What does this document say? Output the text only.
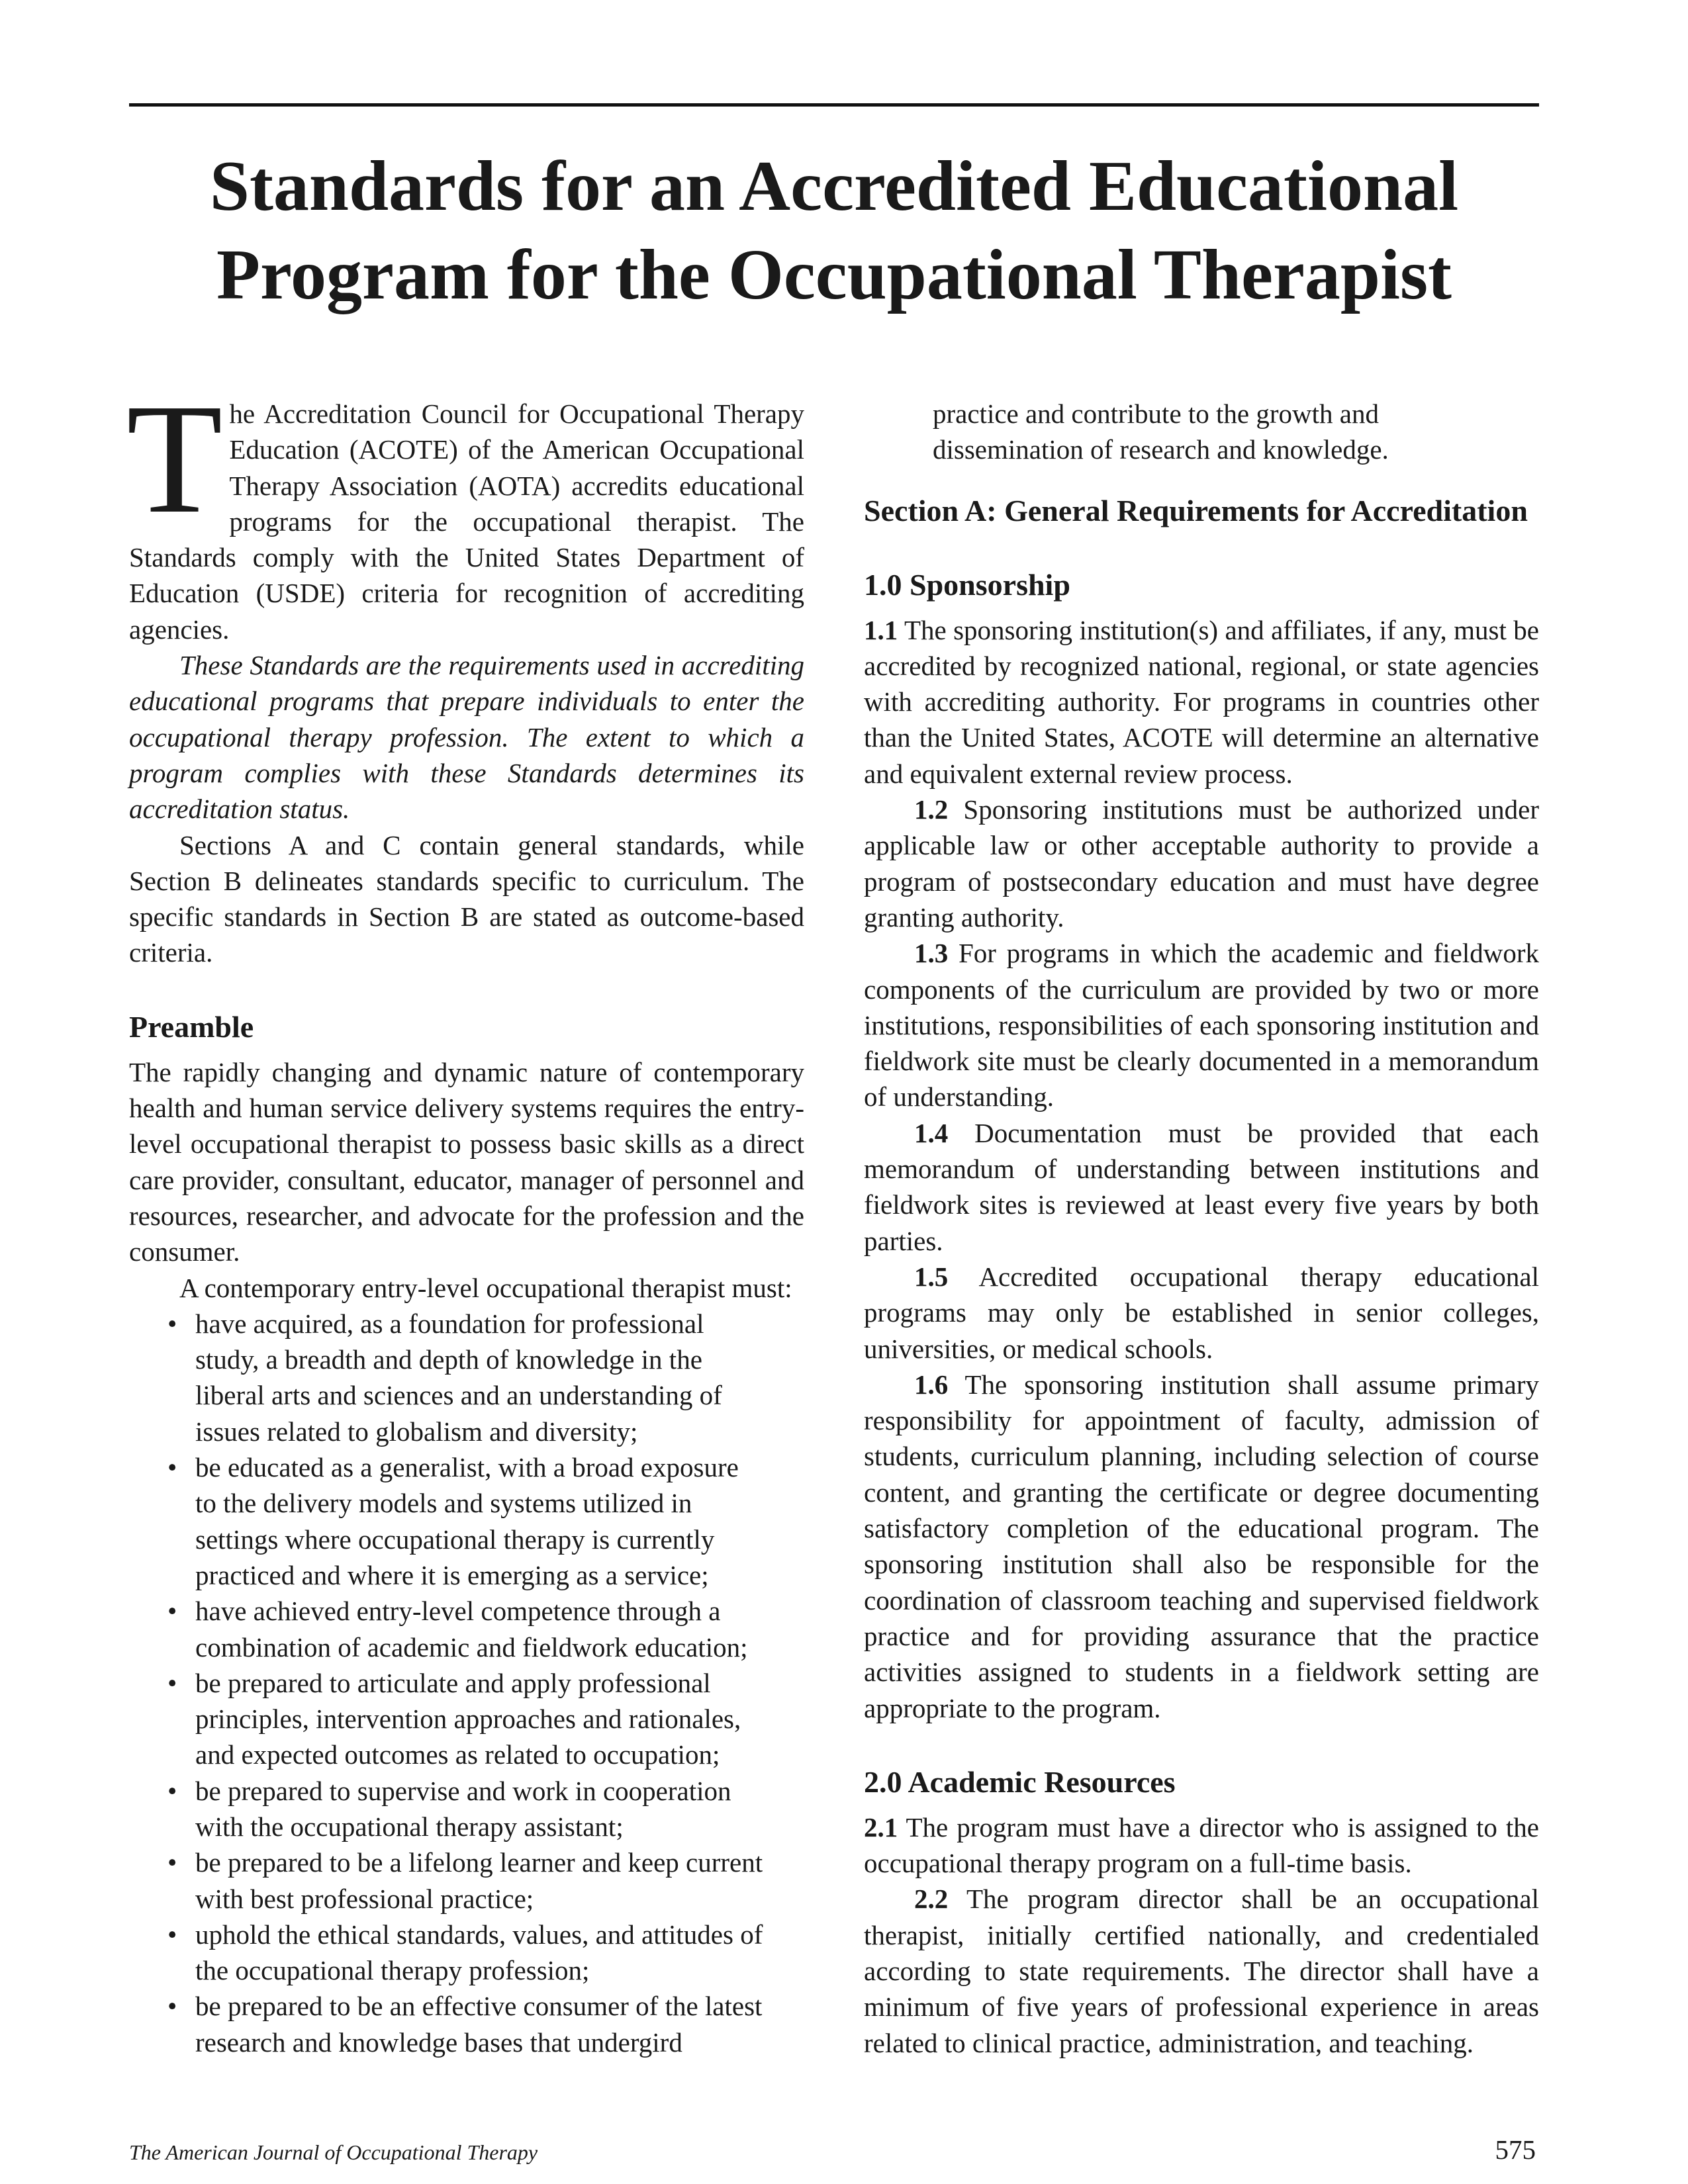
Standards for an Accredited Educational
Program for the Occupational Therapist

The Accreditation Council for Occupational Therapy Education (ACOTE) of the American Occupational Therapy Association (AOTA) accredits educational programs for the occupational therapist. The Standards comply with the United States Department of Education (USDE) criteria for recognition of accrediting agencies.

These Standards are the requirements used in accrediting educational programs that prepare individuals to enter the occupational therapy profession. The extent to which a program complies with these Standards determines its accreditation status.

Sections A and C contain general standards, while Section B delineates standards specific to curriculum. The specific standards in Section B are stated as outcome-based criteria.

Preamble

The rapidly changing and dynamic nature of contemporary health and human service delivery systems requires the entry-level occupational therapist to possess basic skills as a direct care provider, consultant, educator, manager of personnel and resources, researcher, and advocate for the profession and the consumer.

A contemporary entry-level occupational therapist must:

• have acquired, as a foundation for professional study, a breadth and depth of knowledge in the liberal arts and sciences and an understanding of issues related to globalism and diversity;
• be educated as a generalist, with a broad exposure to the delivery models and systems utilized in settings where occupational therapy is currently practiced and where it is emerging as a service;
• have achieved entry-level competence through a combination of academic and fieldwork education;
• be prepared to articulate and apply professional principles, intervention approaches and rationales, and expected outcomes as related to occupation;
• be prepared to supervise and work in cooperation with the occupational therapy assistant;
• be prepared to be a lifelong learner and keep current with best professional practice;
• uphold the ethical standards, values, and attitudes of the occupational therapy profession;
• be prepared to be an effective consumer of the latest research and knowledge bases that undergird

practice and contribute to the growth and dissemination of research and knowledge.

Section A: General Requirements for Accreditation
1.0 Sponsorship

1.1 The sponsoring institution(s) and affiliates, if any, must be accredited by recognized national, regional, or state agencies with accrediting authority. For programs in countries other than the United States, ACOTE will determine an alternative and equivalent external review process.

1.2 Sponsoring institutions must be authorized under applicable law or other acceptable authority to provide a program of postsecondary education and must have degree granting authority.

1.3 For programs in which the academic and fieldwork components of the curriculum are provided by two or more institutions, responsibilities of each sponsoring institution and fieldwork site must be clearly documented in a memorandum of understanding.

1.4 Documentation must be provided that each memorandum of understanding between institutions and fieldwork sites is reviewed at least every five years by both parties.

1.5 Accredited occupational therapy educational programs may only be established in senior colleges, universities, or medical schools.

1.6 The sponsoring institution shall assume primary responsibility for appointment of faculty, admission of students, curriculum planning, including selection of course content, and granting the certificate or degree documenting satisfactory completion of the educational program. The sponsoring institution shall also be responsible for the coordination of classroom teaching and supervised fieldwork practice and for providing assurance that the practice activities assigned to students in a fieldwork setting are appropriate to the program.

2.0 Academic Resources

2.1 The program must have a director who is assigned to the occupational therapy program on a full-time basis.

2.2 The program director shall be an occupational therapist, initially certified nationally, and credentialed according to state requirements. The director shall have a minimum of five years of professional experience in areas related to clinical practice, administration, and teaching.

The American Journal of Occupational Therapy	575
